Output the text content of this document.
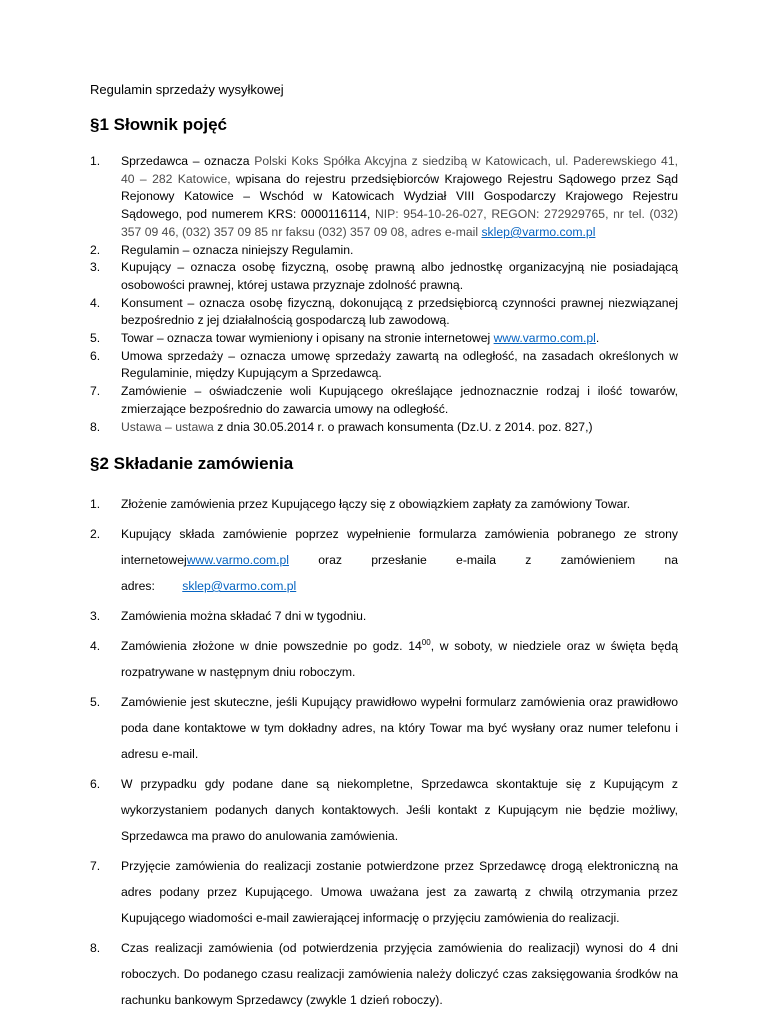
Regulamin sprzedaży wysyłkowej
§1 Słownik pojęć
1. Sprzedawca – oznacza Polski Koks Spółka Akcyjna z siedzibą w Katowicach, ul. Paderewskiego 41, 40 – 282 Katowice, wpisana do rejestru przedsiębiorców Krajowego Rejestru Sądowego przez Sąd Rejonowy Katowice – Wschód w Katowicach Wydział VIII Gospodarczy Krajowego Rejestru Sądowego, pod numerem KRS: 0000116114, NIP: 954-10-26-027, REGON: 272929765, nr tel. (032) 357 09 46, (032) 357 09 85 nr faksu (032) 357 09 08, adres e-mail sklep@varmo.com.pl
2. Regulamin – oznacza niniejszy Regulamin.
3. Kupujący – oznacza osobę fizyczną, osobę prawną albo jednostkę organizacyjną nie posiadającą osobowości prawnej, której ustawa przyznaje zdolność prawną.
4. Konsument – oznacza osobę fizyczną, dokonującą z przedsiębiorcą czynności prawnej niezwiązanej bezpośrednio z jej działalnością gospodarczą lub zawodową.
5. Towar – oznacza towar wymieniony i opisany na stronie internetowej www.varmo.com.pl.
6. Umowa sprzedaży – oznacza umowę sprzedaży zawartą na odległość, na zasadach określonych w Regulaminie, między Kupującym a Sprzedawcą.
7. Zamówienie – oświadczenie woli Kupującego określające jednoznacznie rodzaj i ilość towarów, zmierzające bezpośrednio do zawarcia umowy na odległość.
8. Ustawa – ustawa z dnia 30.05.2014 r. o prawach konsumenta (Dz.U. z 2014. poz. 827,)
§2 Składanie zamówienia
1. Złożenie zamówienia przez Kupującego łączy się z obowiązkiem zapłaty za zamówiony Towar.
2. Kupujący składa zamówienie poprzez wypełnienie formularza zamówienia pobranego ze strony internetowejwww.varmo.com.pl oraz przesłanie e-maila z zamówieniem na adres: sklep@varmo.com.pl
3. Zamówienia można składać 7 dni w tygodniu.
4. Zamówienia złożone w dnie powszednie po godz. $14^{00}$, w soboty, w niedziele oraz w święta będą rozpatrywane w następnym dniu roboczym.
5. Zamówienie jest skuteczne, jeśli Kupujący prawidłowo wypełni formularz zamówienia oraz prawidłowo poda dane kontaktowe w tym dokładny adres, na który Towar ma być wysłany oraz numer telefonu i adresu e-mail.
6. W przypadku gdy podane dane są niekompletne, Sprzedawca skontaktuje się z Kupującym z wykorzystaniem podanych danych kontaktowych. Jeśli kontakt z Kupującym nie będzie możliwy, Sprzedawca ma prawo do anulowania zamówienia.
7. Przyjęcie zamówienia do realizacji zostanie potwierdzone przez Sprzedawcę drogą elektroniczną na adres podany przez Kupującego. Umowa uważana jest za zawartą z chwilą otrzymania przez Kupującego wiadomości e-mail zawierającej informację o przyjęciu zamówienia do realizacji.
8. Czas realizacji zamówienia (od potwierdzenia przyjęcia zamówienia do realizacji) wynosi do 4 dni roboczych. Do podanego czasu realizacji zamówienia należy doliczyć czas zaksięgowania środków na rachunku bankowym Sprzedawcy (zwykle 1 dzień roboczy).
